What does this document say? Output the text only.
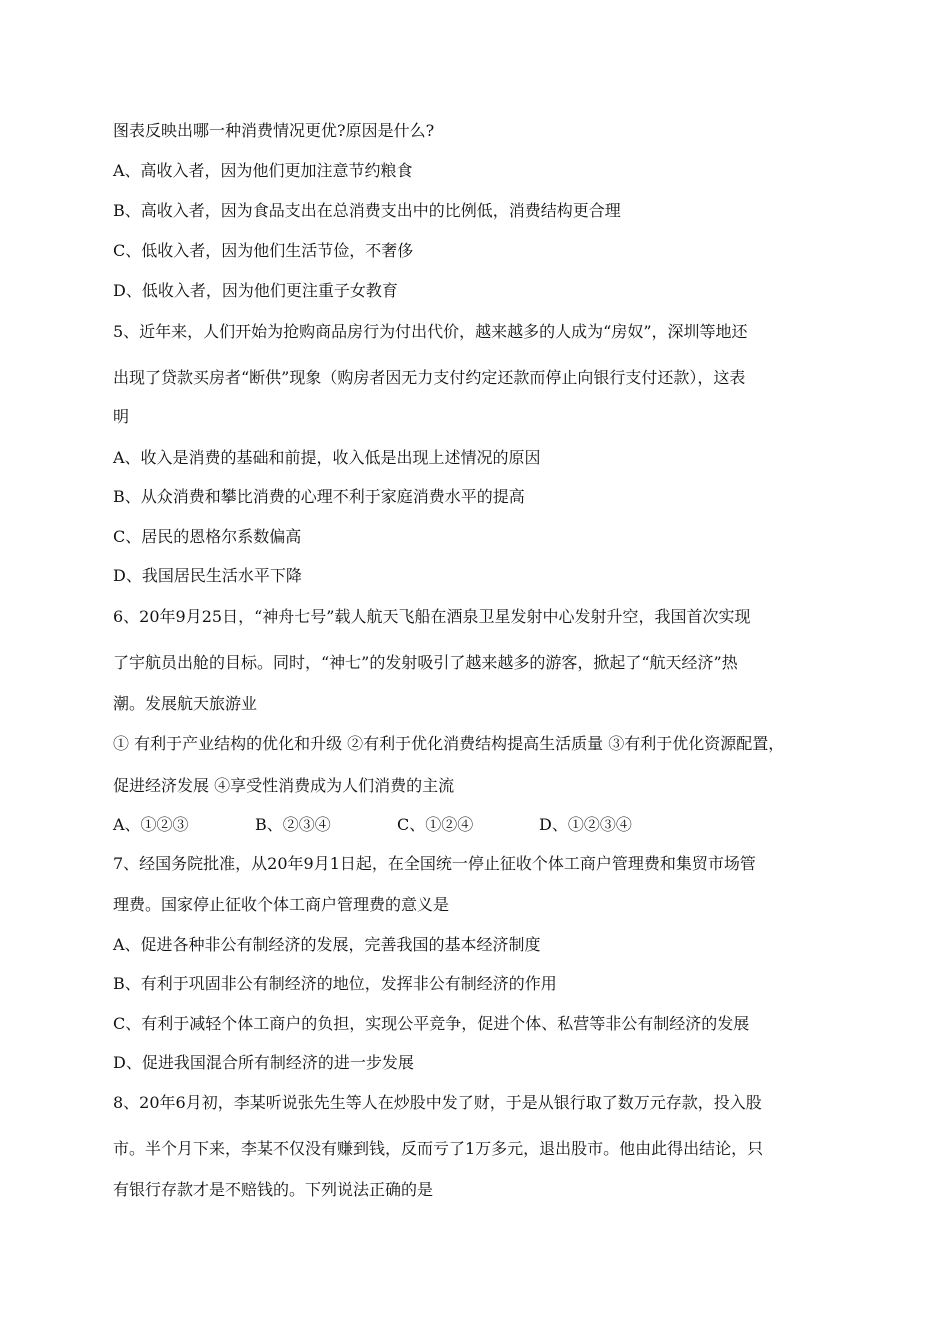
图表反映出哪一种消费情况更优?原因是什么?
A、高收入者，因为他们更加注意节约粮食
B、高收入者，因为食品支出在总消费支出中的比例低，消费结构更合理
C、低收入者，因为他们生活节俭，不奢侈
D、低收入者，因为他们更注重子女教育
5、近年来，人们开始为抢购商品房行为付出代价，越来越多的人成为“房奴”，深圳等地还
出现了贷款买房者“断供”现象（购房者因无力支付约定还款而停止向银行支付还款），这表
明
A、收入是消费的基础和前提，收入低是出现上述情况的原因
B、从众消费和攀比消费的心理不利于家庭消费水平的提高
C、居民的恩格尔系数偏高
D、我国居民生活水平下降
6、20年9月25日，“神舟七号”载人航天飞船在酒泉卫星发射中心发射升空，我国首次实现
了宇航员出舱的目标。同时，“神七”的发射吸引了越来越多的游客，掀起了“航天经济”热
潮。发展航天旅游业
① 有利于产业结构的优化和升级 ②有利于优化消费结构提高生活质量 ③有利于优化资源配置，
促进经济发展 ④享受性消费成为人们消费的主流
A、①②③	B、②③④	C、①②④	D、①②③④
7、经国务院批准，从20年9月1日起，在全国统一停止征收个体工商户管理费和集贸市场管
理费。国家停止征收个体工商户管理费的意义是
A、促进各种非公有制经济的发展，完善我国的基本经济制度
B、有利于巩固非公有制经济的地位，发挥非公有制经济的作用
C、有利于减轻个体工商户的负担，实现公平竞争，促进个体、私营等非公有制经济的发展
D、促进我国混合所有制经济的进一步发展
8、20年6月初，李某听说张先生等人在炒股中发了财，于是从银行取了数万元存款，投入股
市。半个月下来，李某不仅没有赚到钱，反而亏了1万多元，退出股市。他由此得出结论，只
有银行存款才是不赔钱的。下列说法正确的是
